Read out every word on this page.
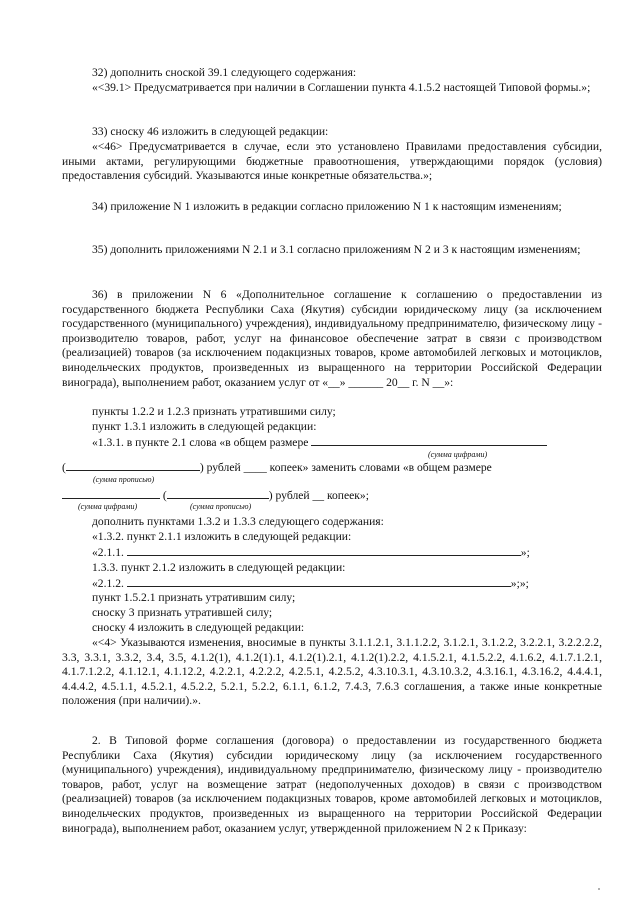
32) дополнить сноской 39.1 следующего содержания:

«<39.1> Предусматривается при наличии в Соглашении пункта 4.1.5.2 настоящей Типовой формы.»;

33) сноску 46 изложить в следующей редакции:

«<46> Предусматривается в случае, если это установлено Правилами предоставления субсидии, иными актами, регулирующими бюджетные правоотношения, утверждающими порядок (условия) предоставления субсидий. Указываются иные конкретные обязательства.»;

34) приложение N 1 изложить в редакции согласно приложению N 1 к настоящим изменениям;

35) дополнить приложениями N 2.1 и 3.1 согласно приложениям N 2 и 3 к настоящим изменениям;

36) в приложении N 6 «Дополнительное соглашение к соглашению о предоставлении из государственного бюджета Республики Саха (Якутия) субсидии юридическому лицу (за исключением государственного (муниципального) учреждения), индивидуальному предпринимателю, физическому лицу - производителю товаров, работ, услуг на финансовое обеспечение затрат в связи с производством (реализацией) товаров (за исключением подакцизных товаров, кроме автомобилей легковых и мотоциклов, винодельческих продуктов, произведенных из выращенного на территории Российской Федерации винограда), выполнением работ, оказанием услуг от «__» ______ 20__ г. N __»:

пункты 1.2.2 и 1.2.3 признать утратившими силу;

пункт 1.3.1 изложить в следующей редакции:

«1.3.1. в пункте 2.1 слова «в общем размере

(сумма цифрами)

(	) рублей ____ копеек» заменить словами «в общем размере

(сумма прописью)

(	) рублей __ копеек»;

(сумма цифрами)	(сумма прописью)

дополнить пунктами 1.3.2 и 1.3.3 следующего содержания:

«1.3.2. пункт 2.1.1 изложить в следующей редакции:

«2.1.1.	»;

1.3.3. пункт 2.1.2 изложить в следующей редакции:

«2.1.2.	»;»;

пункт 1.5.2.1 признать утратившим силу;

сноску 3 признать утратившей силу;

сноску 4 изложить в следующей редакции:

«<4> Указываются изменения, вносимые в пункты 3.1.1.2.1, 3.1.1.2.2, 3.1.2.1, 3.1.2.2, 3.2.2.1, 3.2.2.2.2, 3.3, 3.3.1, 3.3.2, 3.4, 3.5, 4.1.2(1), 4.1.2(1).1, 4.1.2(1).2.1, 4.1.2(1).2.2, 4.1.5.2.1, 4.1.5.2.2, 4.1.6.2, 4.1.7.1.2.1, 4.1.7.1.2.2, 4.1.12.1, 4.1.12.2, 4.2.2.1, 4.2.2.2, 4.2.5.1, 4.2.5.2, 4.3.10.3.1, 4.3.10.3.2, 4.3.16.1, 4.3.16.2, 4.4.4.1, 4.4.4.2, 4.5.1.1, 4.5.2.1, 4.5.2.2, 5.2.1, 5.2.2, 6.1.1, 6.1.2, 7.4.3, 7.6.3 соглашения, а также иные конкретные положения (при наличии).».

2. В Типовой форме соглашения (договора) о предоставлении из государственного бюджета Республики Саха (Якутия) субсидии юридическому лицу (за исключением государственного (муниципального) учреждения), индивидуальному предпринимателю, физическому лицу - производителю товаров, работ, услуг на возмещение затрат (недополученных доходов) в связи с производством (реализацией) товаров (за исключением подакцизных товаров, кроме автомобилей легковых и мотоциклов, винодельческих продуктов, произведенных из выращенного на территории Российской Федерации винограда), выполнением работ, оказанием услуг, утвержденной приложением N 2 к Приказу:
